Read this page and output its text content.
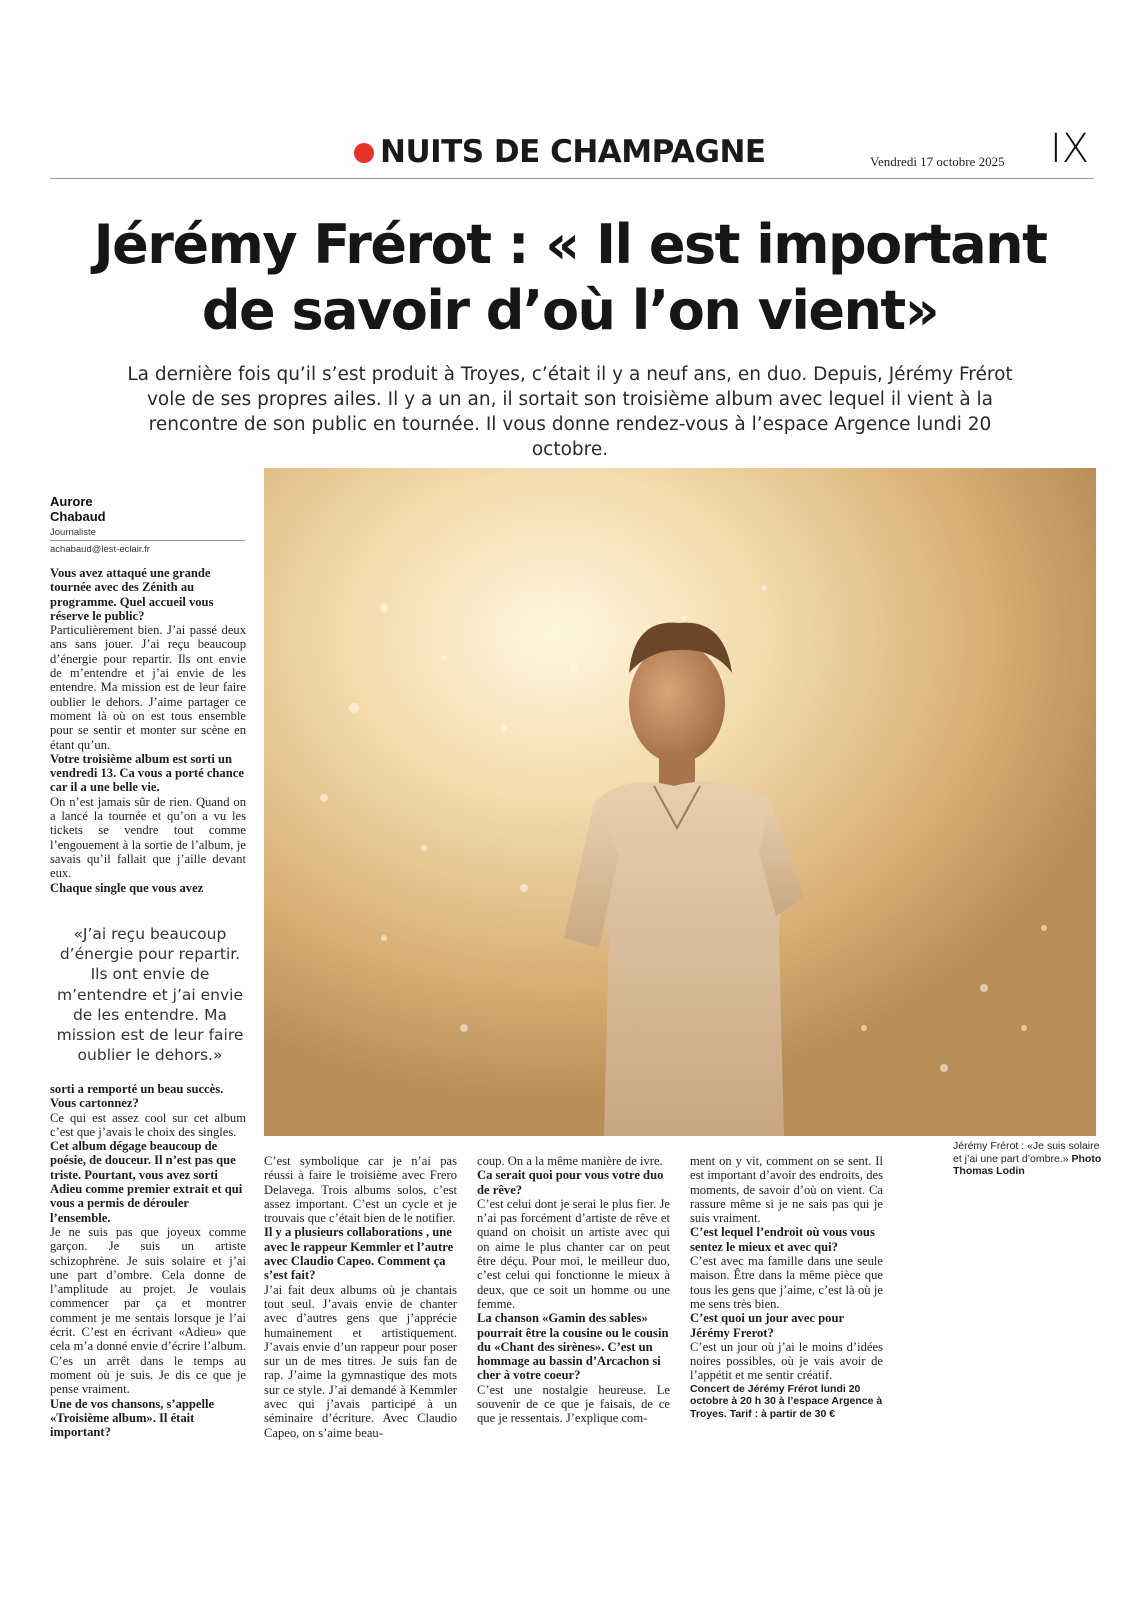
NUITS DE CHAMPAGNE	Vendredi 17 octobre 2025 IX
Jérémy Frérot : « Il est important
de savoir d’où l’on vient»
La dernière fois qu’il s’est produit à Troyes, c’était il y a neuf ans, en duo. Depuis, Jérémy Frérot vole de ses propres ailes. Il y a un an, il sortait son troisième album avec lequel il vient à la rencontre de son public en tournée. Il vous donne rendez-vous à l’espace Argence lundi 20 octobre.
Aurore
Chabaud
Journaliste
achabaud@lest-eclair.fr
Jérémy Frérot : «Je suis solaire et j’ai une part d’ombre.» Photo Thomas Lodin

Vous avez attaqué une grande tournée avec des Zénith au programme. Quel accueil vous réserve le public?

Particulièrement bien. J’ai passé deux ans sans jouer. J’ai reçu beaucoup d’énergie pour repartir. Ils ont envie de m’entendre et j’ai envie de les entendre. Ma mission est de leur faire oublier le dehors. J’aime partager ce moment là où on est tous ensemble pour se sentir et monter sur scène en étant qu’un.

Votre troisième album est sorti un vendredi 13. Ca vous a porté chance car il a une belle vie.

On n’est jamais sûr de rien. Quand on a lancé la tournée et qu’on a vu les tickets se vendre tout comme l’engouement à la sortie de l’album, je savais qu’il fallait que j’aille devant eux.

Chaque single que vous avez

«J’ai reçu beaucoup d’énergie pour repartir. Ils ont envie de m’entendre et j’ai envie de les entendre. Ma mission est de leur faire oublier le dehors.»

sorti a remporté un beau succès. Vous cartonnez?

Ce qui est assez cool sur cet album c’est que j’avais le choix des singles.

Cet album dégage beaucoup de poésie, de douceur. Il n’est pas que triste. Pourtant, vous avez sorti Adieu comme premier extrait et qui vous a permis de dérouler l’ensemble.

Je ne suis pas que joyeux comme garçon. Je suis un artiste schizophrène. Je suis solaire et j’ai une part d’ombre. Cela donne de l’amplitude au projet. Je voulais commencer par ça et montrer comment je me sentais lorsque je l’ai écrit. C’est en écrivant «Adieu» que cela m’a donné envie d’écrire l’album. C’es un arrêt dans le temps au moment où je suis. Je dis ce que je pense vraiment.

Une de vos chansons, s’appelle «Troisième album». Il était important?

C’est symbolique car je n’ai pas réussi à faire le troisième avec Frero Delavega. Trois albums solos, c’est assez important. C’est un cycle et je trouvais que c’était bien de le notifier.

Il y a plusieurs collaborations , une avec le rappeur Kemmler et l’autre avec Claudio Capeo. Comment ça s’est fait?

J’ai fait deux albums où je chantais tout seul. J’avais envie de chanter avec d’autres gens que j’apprécie humainement et artistiquement. J’avais envie d’un rappeur pour poser sur un de mes titres. Je suis fan de rap. J’aime la gymnastique des mots sur ce style. J’ai demandé à Kemmler avec qui j’avais participé à un séminaire d’écriture. Avec Claudio Capeo, on s’aime beau-

coup. On a la même manière de ivre.

Ca serait quoi pour vous votre duo de rêve?

C’est celui dont je serai le plus fier. Je n’ai pas forcément d’artiste de rêve et quand on choisit un artiste avec qui on aime le plus chanter car on peut être déçu. Pour moi, le meilleur duo, c’est celui qui fonctionne le mieux à deux, que ce soit un homme ou une femme.

La chanson «Gamin des sables» pourrait être la cousine ou le cousin du «Chant des sirènes». C’est un hommage au bassin d’Arcachon si cher à votre coeur?

C’est une nostalgie heureuse. Le souvenir de ce que je faisais, de ce que je ressentais. J’explique com-

ment on y vit, comment on se sent. Il est important d’avoir des endroits, des moments, de savoir d’où on vient. Ca rassure même si je ne sais pas qui je suis vraiment.

C’est lequel l’endroit où vous vous sentez le mieux et avec qui?

C’est avec ma famille dans une seule maison. Être dans la même pièce que tous les gens que j’aime, c’est là où je me sens très bien.

C’est quoi un jour avec pour Jérémy Frerot?

C’est un jour où j’ai le moins d’idées noires possibles, où je vais avoir de l’appétit et me sentir créatif.

Concert de Jérémy Frérot lundi 20 octobre à 20 h 30 à l’espace Argence à Troyes. Tarif : à partir de 30 €
